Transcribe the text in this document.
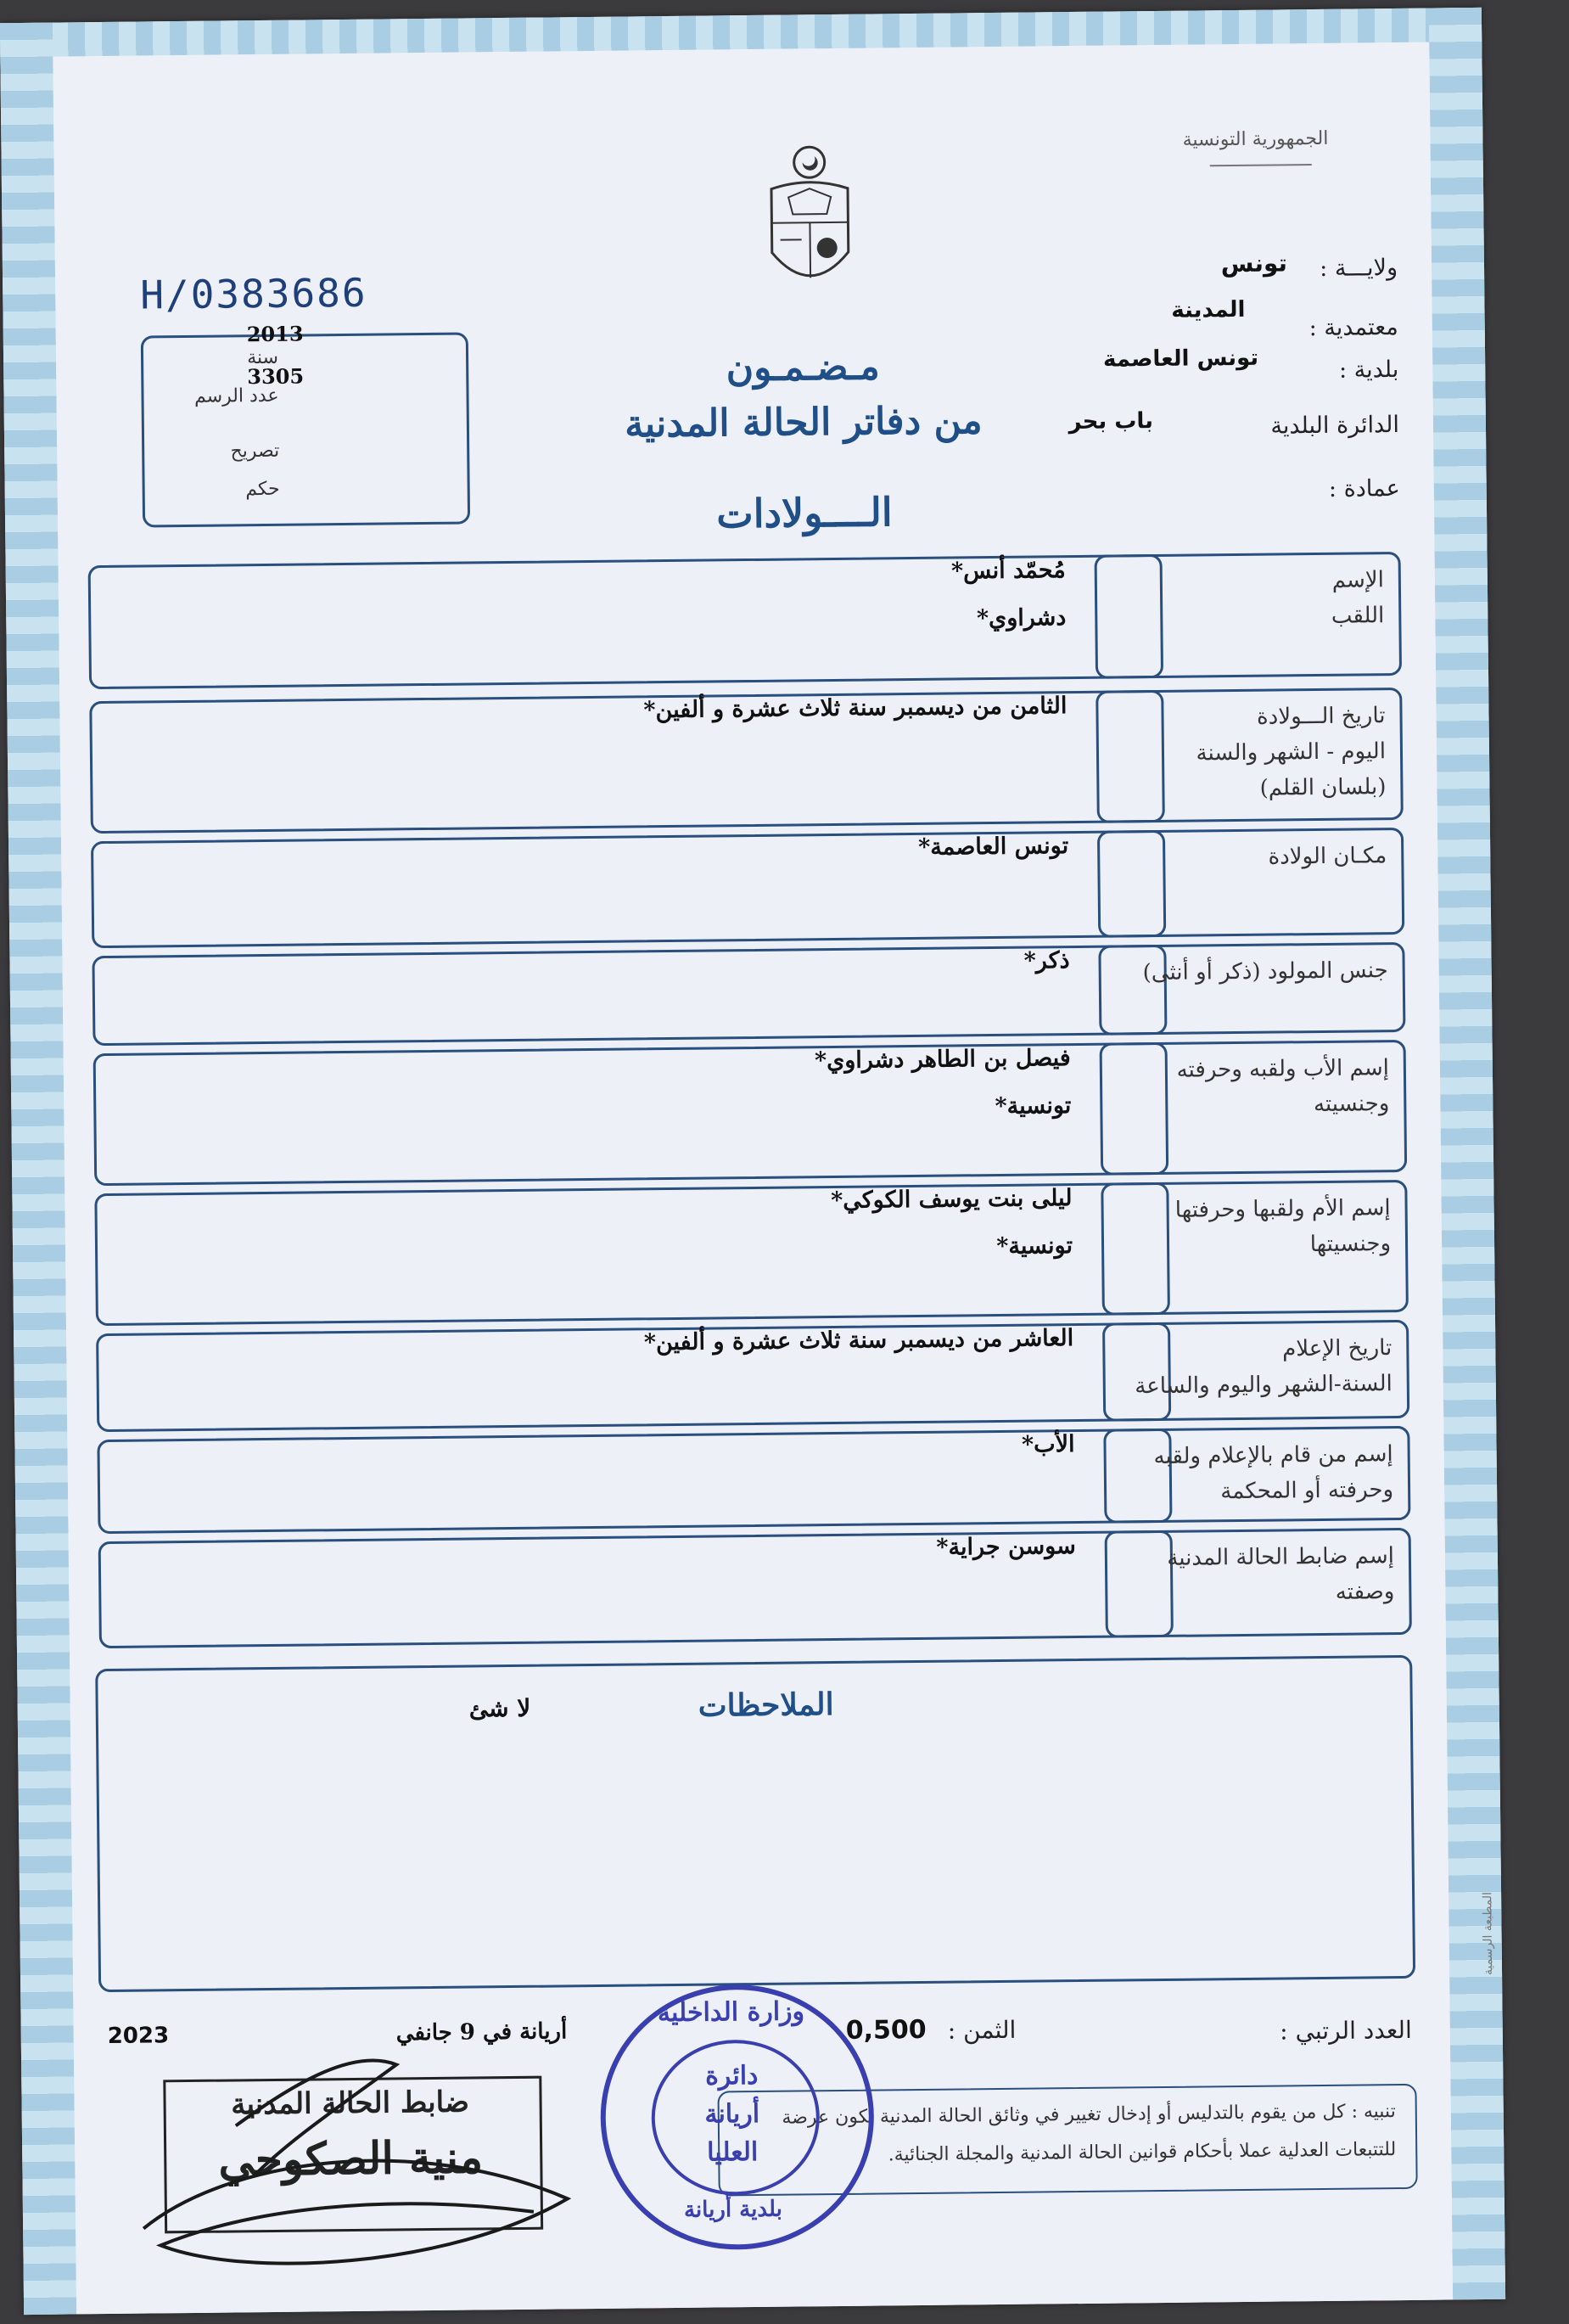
الجمهورية التونسية
ولايـــة :
تونس
معتمدية :
المدينة
بلدية :
تونس العاصمة
الدائرة البلدية
باب بحر
عمادة :
H/0383686
2013
سنة
3305
عدد الرسم
تصريح
حكم
مـضـمـون
من دفاتر الحالة المدنية
الــــولادات
الإسم
اللقب
مُحمّد أنس*
دشراوي*
تاريخ الـــولادة
اليوم - الشهر والسنة
(بلسان القلم)
الثامن من ديسمبر سنة ثلاث عشرة و ألفين*
مكـان الولادة
تونس العاصمة*
جنس المولود (ذكر أو أنثى)
ذكر*
إسم الأب ولقبه وحرفته
وجنسيته
فيصل بن الطاهر دشراوي*
تونسية*
إسم الأم ولقبها وحرفتها
وجنسيتها
ليلى بنت يوسف الكوكي*
تونسية*
تاريخ الإعلام
السنة-الشهر واليوم والساعة
العاشر من ديسمبر سنة ثلاث عشرة و ألفين*
إسم من قام بالإعلام ولقبه
وحرفته أو المحكمة
الأب*
إسم ضابط الحالة المدنية
وصفته
سوسن جراية*
الملاحظات
لا شئ
العدد الرتبي :
الثمن :
0,500
أريانة في 9 جانفي
2023
تنبيه : كل من يقوم بالتدليس أو إدخال تغيير في وثائق الحالة المدنية يكون عرضة
للتتبعات العدلية عملا بأحكام قوانين الحالة المدنية والمجلة الجنائية.
المطبعة الرسمية
ضابط الحالة المدنية
منية الصكوحي
وزارة الداخلية
دائرة
أريانة
العليا
بلدية أريانة
